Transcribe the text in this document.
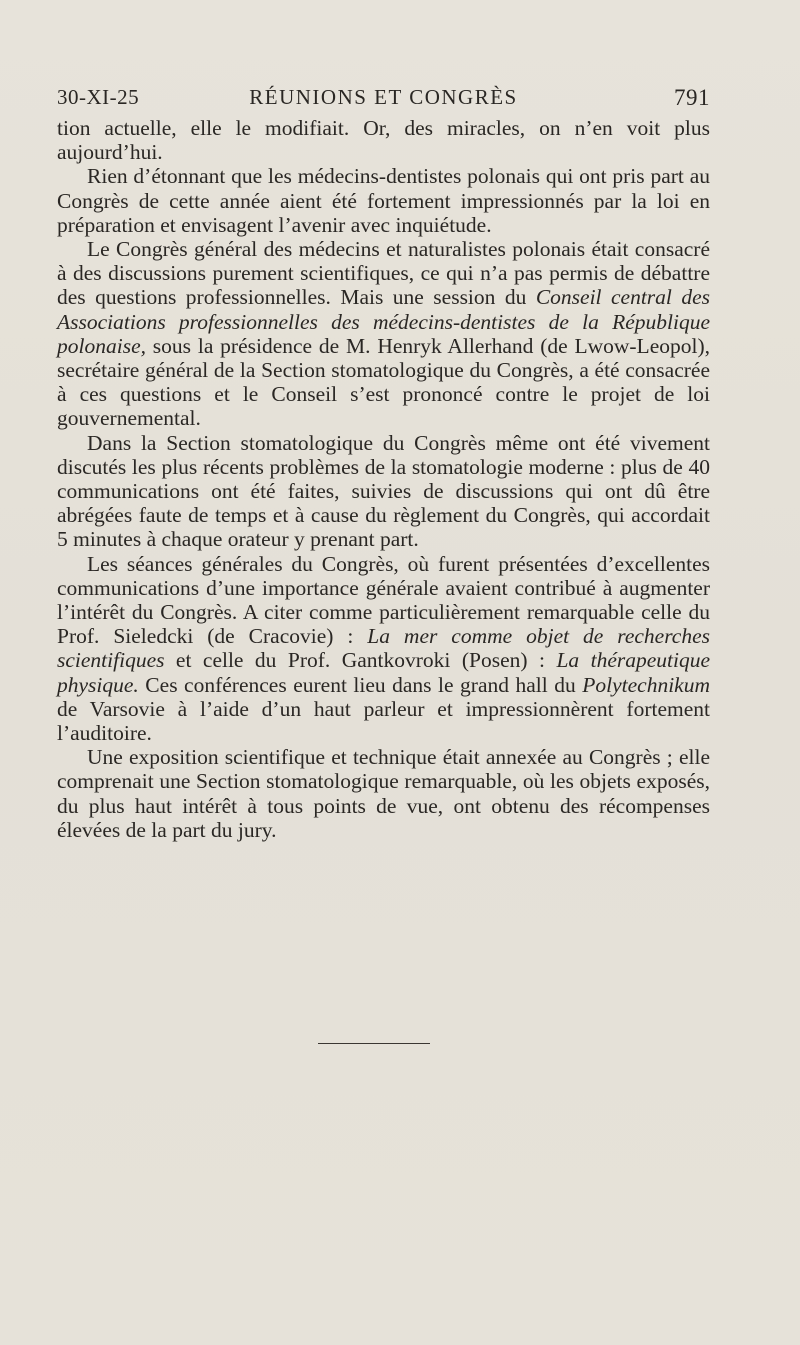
30-XI-25	RÉUNIONS ET CONGRÈS	791

tion actuelle, elle le modifiait. Or, des miracles, on n’en voit plus aujourd’hui.

Rien d’étonnant que les médecins-dentistes polonais qui ont pris part au Congrès de cette année aient été fortement impressionnés par la loi en préparation et envisagent l’avenir avec inquiétude.

Le Congrès général des médecins et naturalistes polonais était consacré à des discussions purement scientifiques, ce qui n’a pas permis de débattre des questions professionnelles. Mais une session du Conseil central des Associations professionnelles des médecins-dentistes de la République polonaise, sous la présidence de M. Henryk Allerhand (de Lwow-Leopol), secrétaire général de la Section stomatologique du Congrès, a été consacrée à ces questions et le Conseil s’est prononcé contre le projet de loi gouvernemental.

Dans la Section stomatologique du Congrès même ont été vivement discutés les plus récents problèmes de la stomatologie moderne : plus de 40 communications ont été faites, suivies de discussions qui ont dû être abrégées faute de temps et à cause du règlement du Congrès, qui accordait 5 minutes à chaque orateur y prenant part.

Les séances générales du Congrès, où furent présentées d’excellentes communications d’une importance générale avaient contribué à augmenter l’intérêt du Congrès. A citer comme particulièrement remarquable celle du Prof. Sieledcki (de Cracovie) : La mer comme objet de recherches scientifiques et celle du Prof. Gantkovroki (Posen) : La thérapeutique physique. Ces conférences eurent lieu dans le grand hall du Polytechnikum de Varsovie à l’aide d’un haut parleur et impressionnèrent fortement l’auditoire.

Une exposition scientifique et technique était annexée au Congrès ; elle comprenait une Section stomatologique remarquable, où les objets exposés, du plus haut intérêt à tous points de vue, ont obtenu des récompenses élevées de la part du jury.
